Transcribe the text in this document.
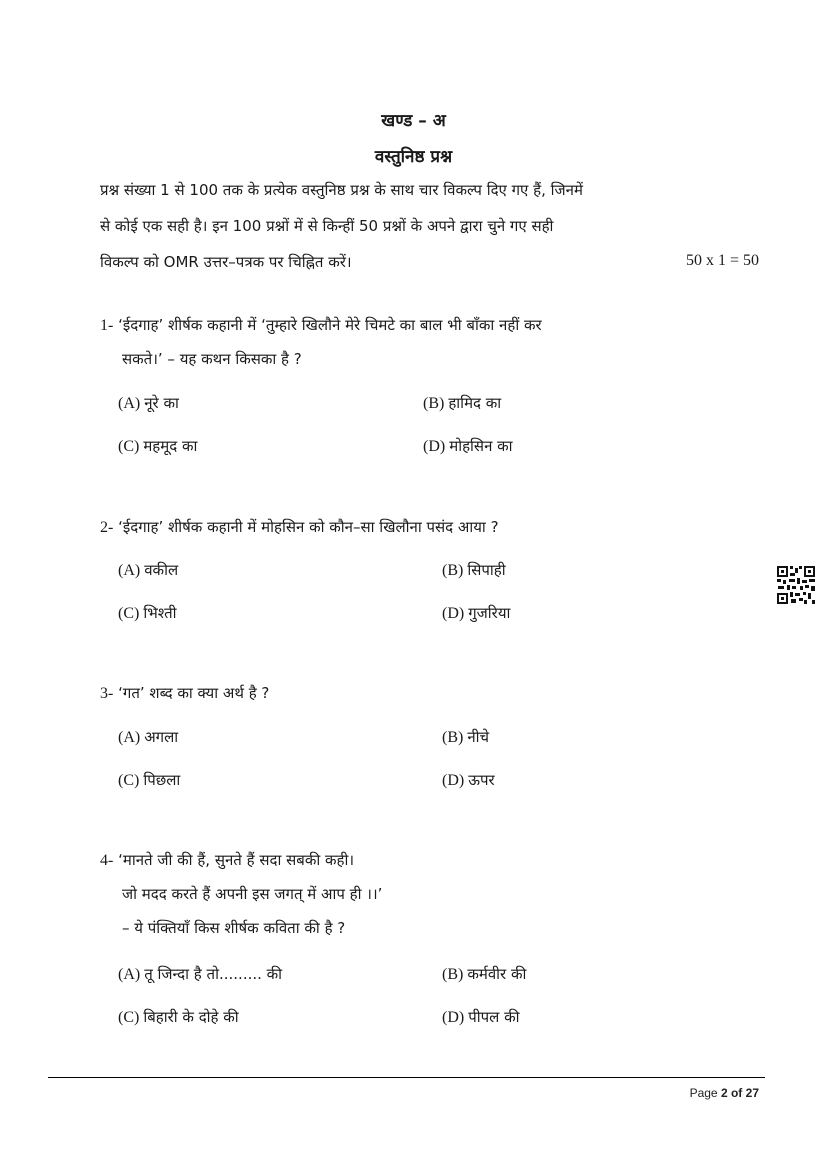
खण्ड – अ
वस्तुनिष्ठ प्रश्न
प्रश्न संख्या 1 से 100 तक के प्रत्येक वस्तुनिष्ठ प्रश्न के साथ चार विकल्प दिए गए हैं, जिनमें
से कोई एक सही है। इन 100 प्रश्नों में से किन्हीं 50 प्रश्नों के अपने द्वारा चुने गए सही
विकल्प को OMR उत्तर–पत्रक पर चिह्नित करें।	50 x 1 = 50
1- ‘ईदगाह’ शीर्षक कहानी में ‘तुम्हारे खिलौने मेरे चिमटे का बाल भी बाँका नहीं कर
सकते।’ – यह कथन किसका है ?
(A) नूरे का	(B) हामिद का
(C) महमूद का	(D) मोहसिन का
2- ‘ईदगाह’ शीर्षक कहानी में मोहसिन को कौन–सा खिलौना पसंद आया ?
(A) वकील	(B) सिपाही
(C) भिश्ती	(D) गुजरिया
3- ‘गत’ शब्द का क्या अर्थ है ?
(A) अगला	(B) नीचे
(C) पिछला	(D) ऊपर
4- ‘मानते जी की हैं, सुनते हैं सदा सबकी कही।
जो मदद करते हैं अपनी इस जगत् में आप ही ।।’
– ये पंक्तियाँ किस शीर्षक कविता की है ?
(A) तू जिन्दा है तो......... की	(B) कर्मवीर की
(C) बिहारी के दोहे की	(D) पीपल की
Page 2 of 27
